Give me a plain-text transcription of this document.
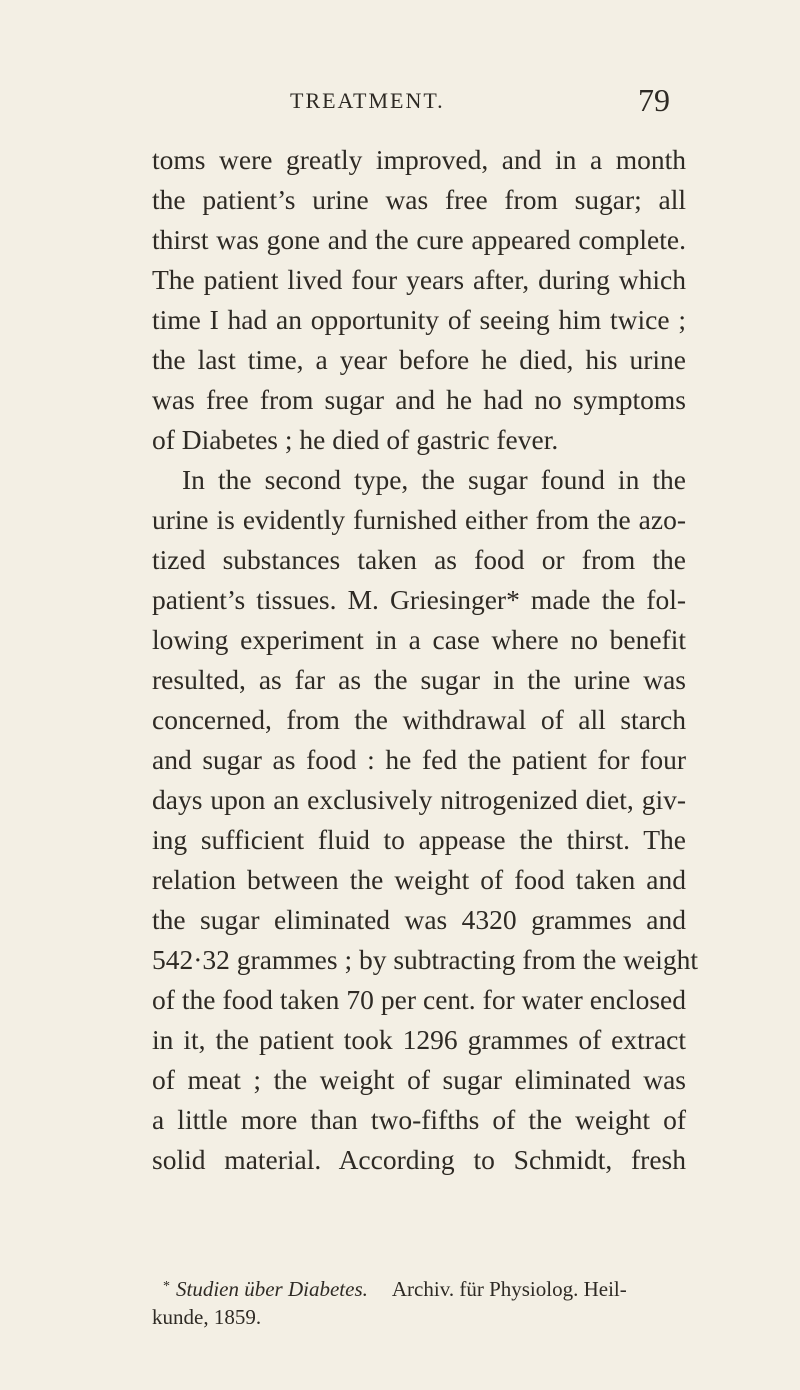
TREATMENT.	79
toms were greatly improved, and in a month
the patient’s urine was free from sugar; all
thirst was gone and the cure appeared complete.
The patient lived four years after, during which
time I had an opportunity of seeing him twice ;
the last time, a year before he died, his urine
was free from sugar and he had no symptoms
of Diabetes ; he died of gastric fever.
In the second type, the sugar found in the
urine is evidently furnished either from the azo-
tized substances taken as food or from the
patient’s tissues. M. Griesinger* made the fol-
lowing experiment in a case where no benefit
resulted, as far as the sugar in the urine was
concerned, from the withdrawal of all starch
and sugar as food : he fed the patient for four
days upon an exclusively nitrogenized diet, giv-
ing sufficient fluid to appease the thirst. The
relation between the weight of food taken and
the sugar eliminated was 4320 grammes and
542·32 grammes ; by subtracting from the weight
of the food taken 70 per cent. for water enclosed
in it, the patient took 1296 grammes of extract
of meat ; the weight of sugar eliminated was
a little more than two-fifths of the weight of
solid material. According to Schmidt, fresh
* Studien über Diabetes. Archiv. für Physiolog. Heil-
kunde, 1859.
